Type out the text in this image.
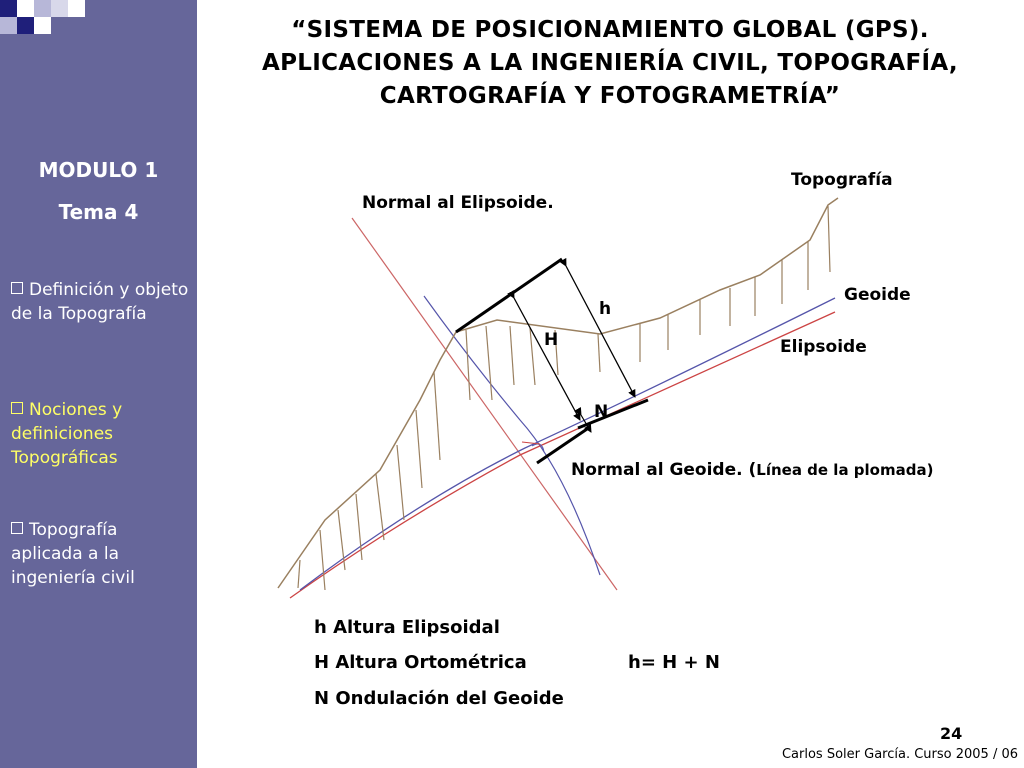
“SISTEMA DE POSICIONAMIENTO GLOBAL (GPS).
APLICACIONES A LA INGENIERÍA CIVIL, TOPOGRAFÍA,
CARTOGRAFÍA Y FOTOGRAMETRÍA”
MODULO 1
Tema 4
Definición y objeto de la Topografía
Nociones y definiciones Topográficas
Topografía aplicada a la ingeniería civil
Topografía
Normal al Elipsoide.
Geoide
Elipsoide
h
H
N
Normal al Geoide. (Línea de la plomada)
h Altura Elipsoidal
H Altura Ortométrica
N Ondulación del Geoide
h= H + N
24
Carlos Soler García. Curso 2005 / 06
